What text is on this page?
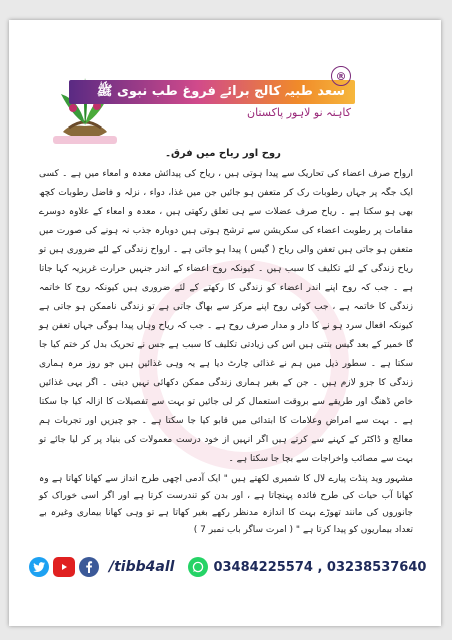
سعد طبیہ کالج برائے فروغ طب نبوی ﷺ
کاہنہ نو لاہور پاکستان
®

روح اور ریاح میں فرق۔

ارواح صرف اعضاء کی تحاریک سے پیدا ہوتی ہیں ، ریاح کی پیدائش معدہ و امعاء میں ہے ۔ کسی ایک جگہ پر جہاں رطوبات رک کر متعفن ہو جائیں جن میں غذا، دواء ، نزلہ و فاضل رطوبات کچھ بھی ہو سکتا ہے ۔ ریاح صرف عضلات سے ہی تعلق رکھتی ہیں ، معدہ و امعاء کے علاوہ دوسرے مقامات پر رطوبت اعضاء کی سکریشن سے ترشح ہوتی ہیں دوبارہ جذب نہ ہونے کی صورت میں متعفن ہو جاتی ہیں تعفن والی ریاح ( گیس ) پیدا ہو جاتی ہے ۔ ارواح زندگی کے لئے ضروری ہیں تو ریاح زندگی کے لئے تکلیف کا سبب ہیں ۔ کیونکہ روح اعضاء کے اندر جنہیں حرارت غریزیہ کہا جاتا ہے ۔ جب کہ روح اپنے اندر اعضاء کو زندگی کا رکھتے کے لئے ضروری ہیں کیونکہ روح کا خاتمہ زندگی کا خاتمہ ہے ، جب کوئی روح اپنے مرکز سے بھاگ جاتی ہے تو زندگی ناممکن ہو جاتی ہے کیونکہ افعال سرد ہو نے کا دار و مدار صرف روح ہے ۔ جب کہ ریاح وہاں پیدا ہوگی جہاں تعفن ہو گا خمیر کے بعد گیس بنتی ہیں اس کی زیادتی تکلیف کا سبب ہے جس نے تحریک بدل کر ختم کیا جا سکتا ہے ۔ سطور ذیل میں ہم نے غذائی چارٹ دیا ہے یہ وہی غذائیں ہیں جو روز مرہ ہماری زندگی کا جزو لازم ہیں ۔ جن کے بغیر ہماری زندگی ممکن دکھائی نہیں دیتی ۔ اگر یہی غذائیں خاص ڈھنگ اور طریقے سے بروقت استعمال کر لی جائیں تو بہت سے تفصیلات کا ازالہ کیا جا سکتا ہے ۔ بہت سے امراض وعلامات کا ابتدائی میں قابو کیا جا سکتا ہے ۔ جو چیزیں اور تجربات ہم معالج و ڈاکٹر کے کہنے سے کرتے ہیں اگر انہیں از خود درست معمولات کی بنیاد پر کر لیا جائے تو بہت سے مصائب واخراجات سے بچا جا سکتا ہے ۔

مشہور وید پنڈت پیارے لال کا شمیری لکھتے ہیں " ایک آدمی اچھی طرح انداز سے کھانا کھاتا ہے وہ کھانا آب حیات کی طرح فائدہ پہنچاتا ہے ، اور بدن کو تندرست کرتا ہے اور اگر اسی خوراک کو جانوروں کی مانند تھوڑے بہت کا اندازہ مدنظر رکھے بغیر کھاتا ہے تو وہی کھانا بیماری وغیرہ بے تعداد بیماریوں کو پیدا کرتا ہے " ( امرت ساگر باب نمبر 7 )

/tibb4all	03484225574 , 03238537640
